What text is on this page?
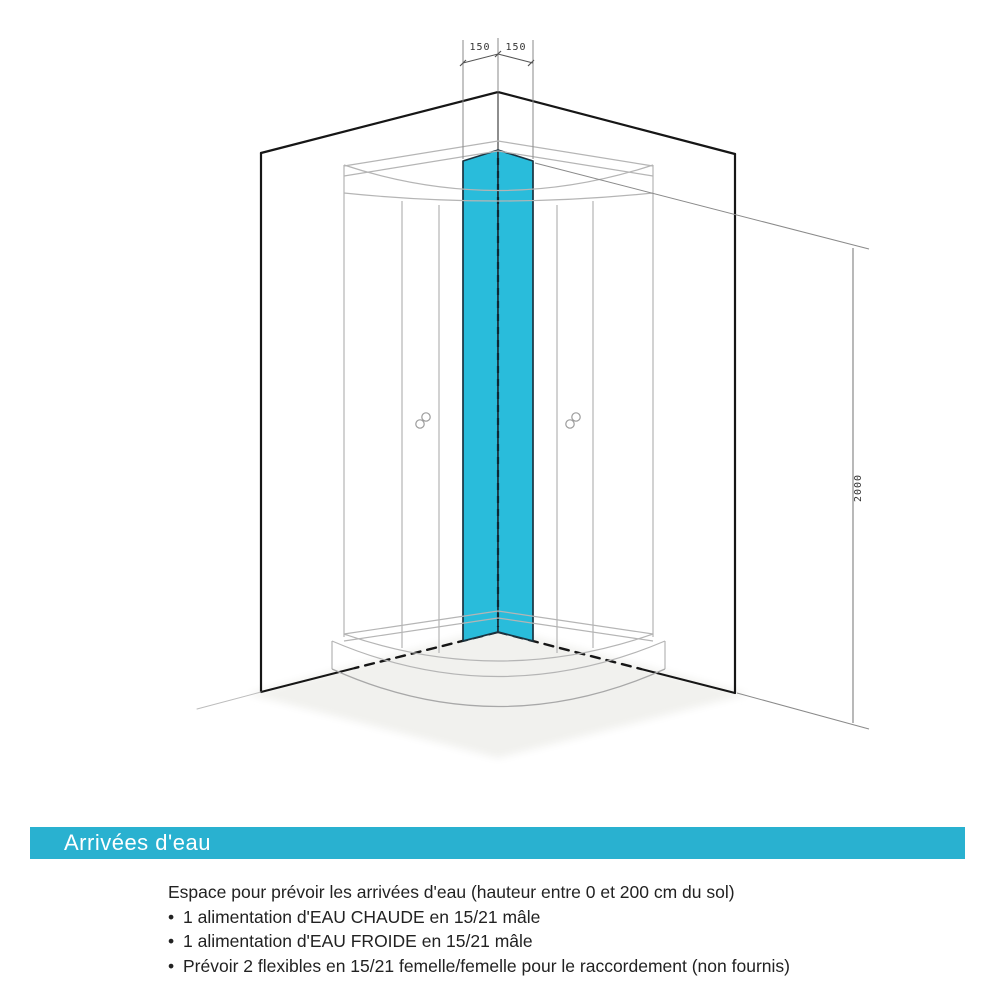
150 150
2000
Arrivées d'eau
Espace pour prévoir les arrivées d'eau (hauteur entre 0 et 200 cm du sol)
• 1 alimentation d'EAU CHAUDE en 15/21 mâle
• 1 alimentation d'EAU FROIDE en 15/21 mâle
• Prévoir 2 flexibles en 15/21 femelle/femelle pour le raccordement (non fournis)
